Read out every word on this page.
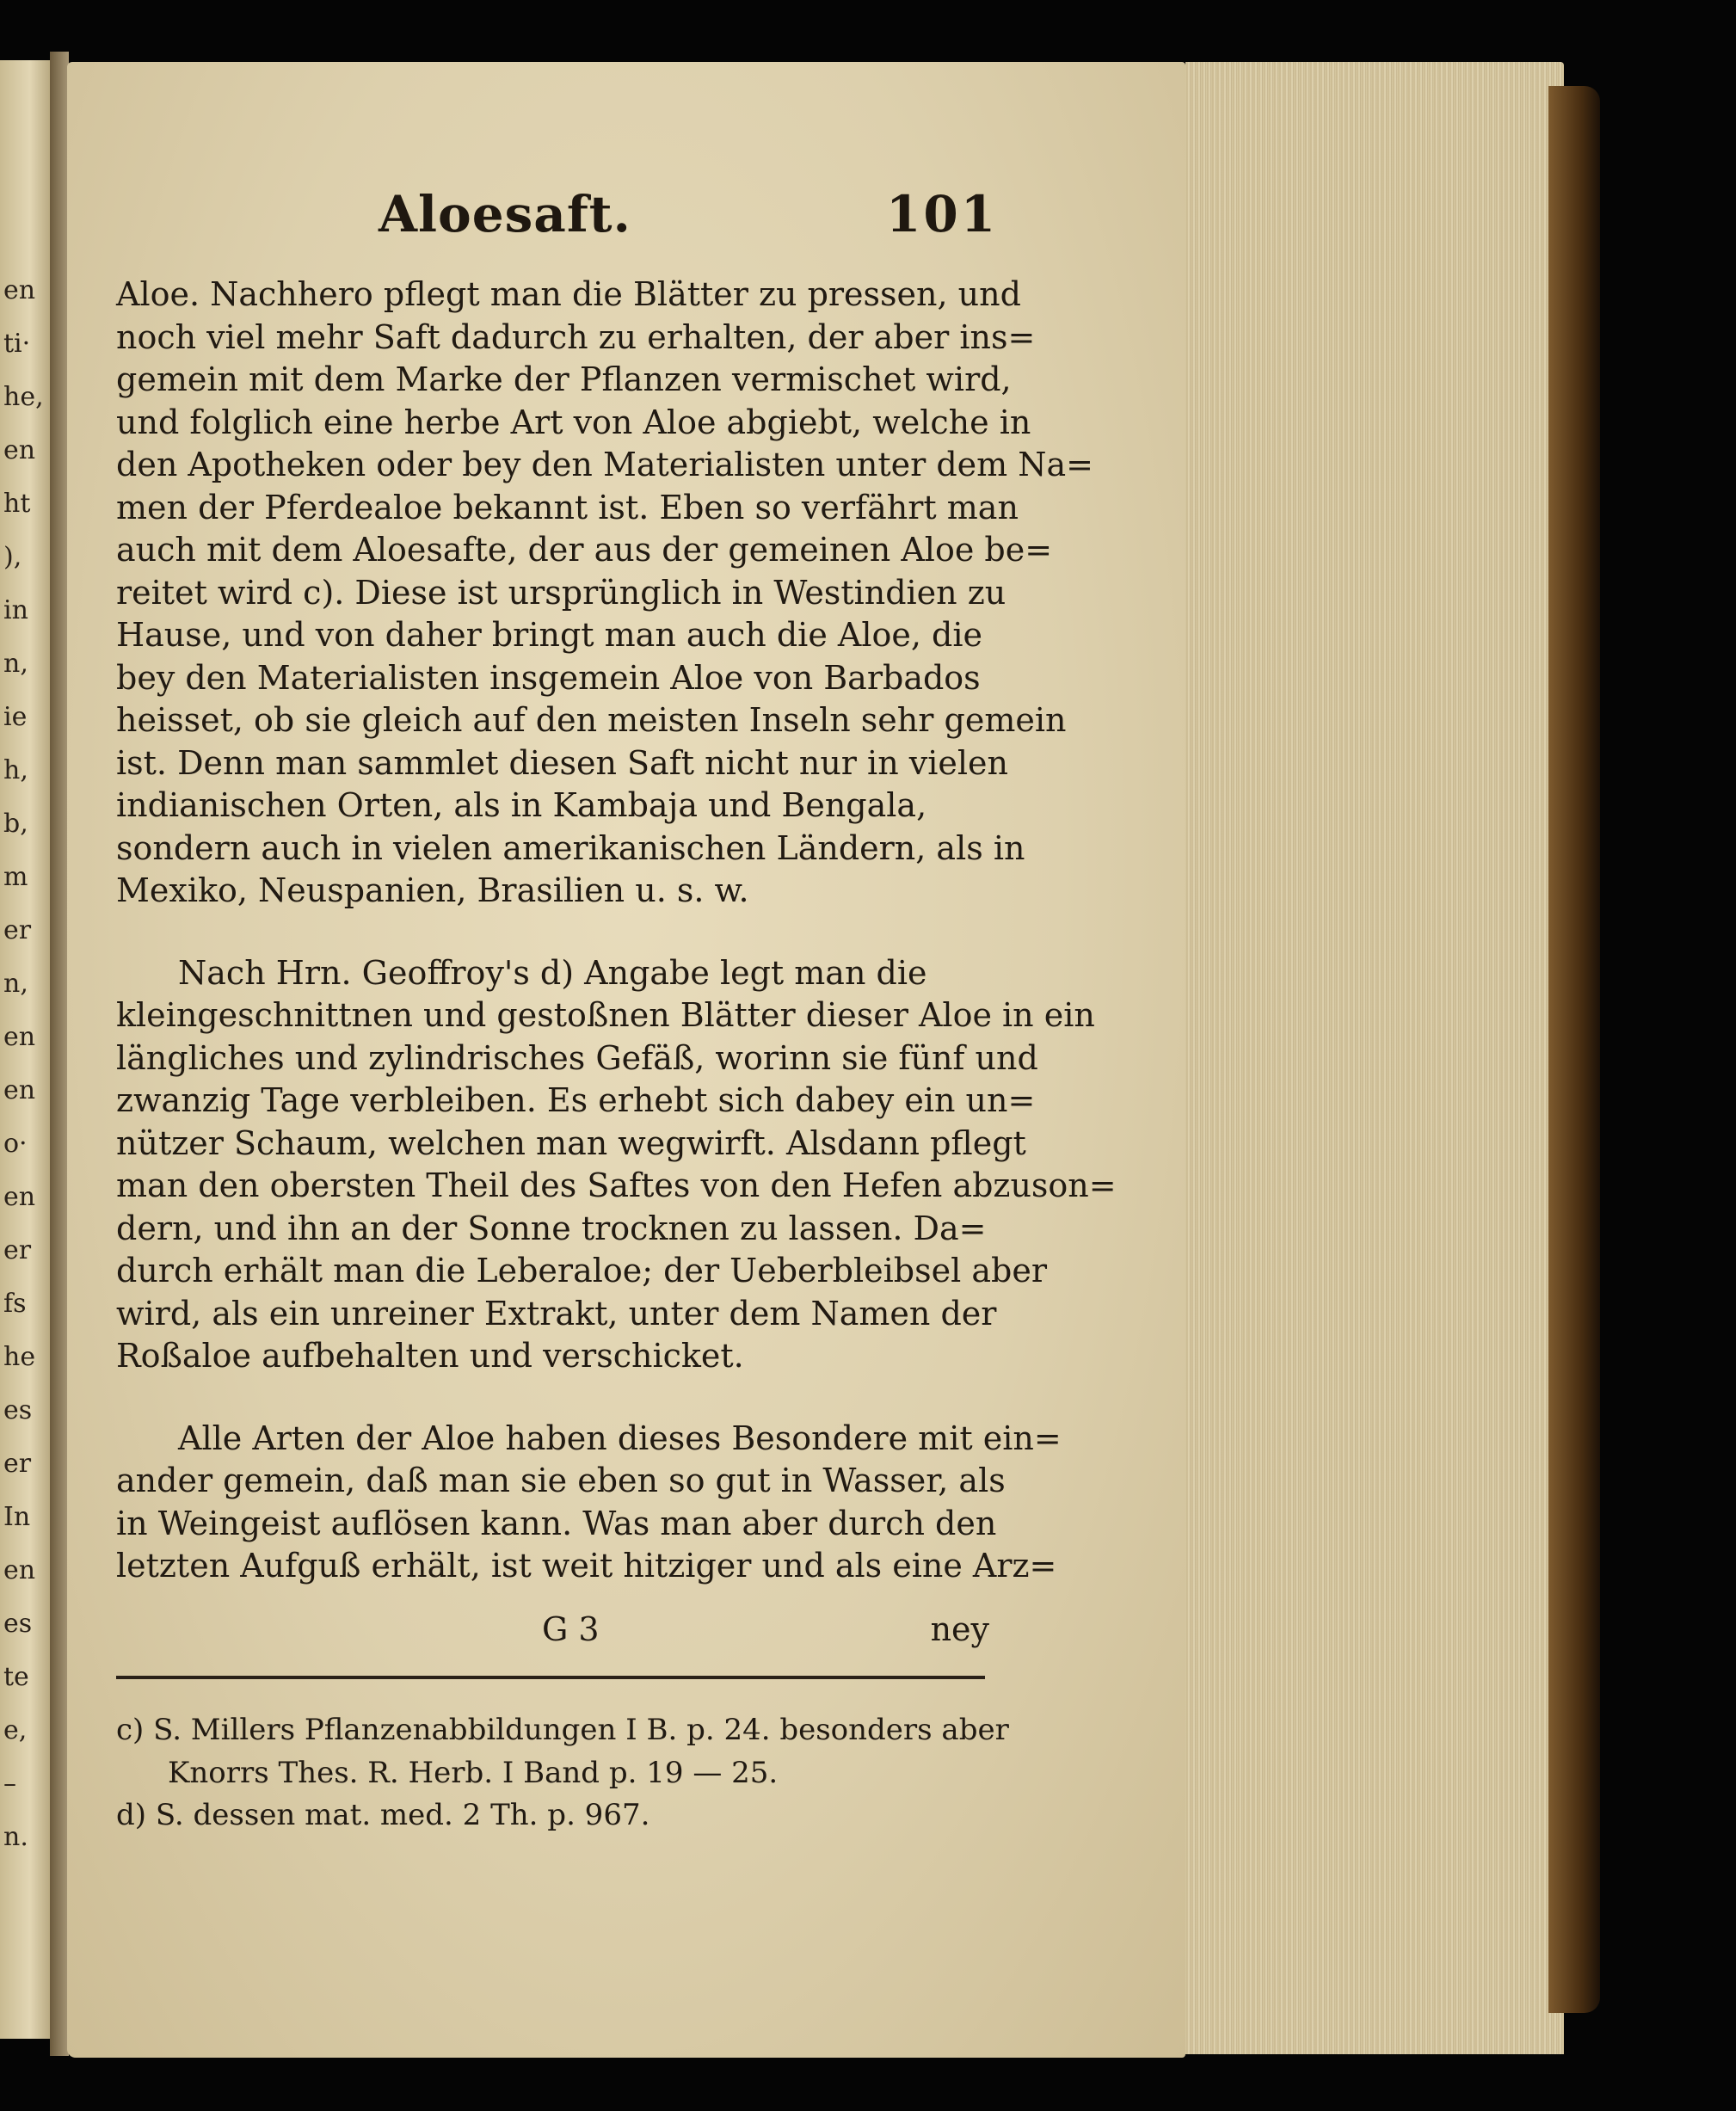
en
ti·
he,
en
ht
),
in
n,
ie
h,
b,
m
er
n,
en
en
o·
en
er
fs
he
es
er
In
en
es
te
e,
–
n.
Aloesaft.	101
Aloe. Nachhero pflegt man die Blätter zu pressen, und
noch viel mehr Saft dadurch zu erhalten, der aber ins=
gemein mit dem Marke der Pflanzen vermischet wird,
und folglich eine herbe Art von Aloe abgiebt, welche in
den Apotheken oder bey den Materialisten unter dem Na=
men der Pferdealoe bekannt ist. Eben so verfährt man
auch mit dem Aloesafte, der aus der gemeinen Aloe be=
reitet wird c). Diese ist ursprünglich in Westindien zu
Hause, und von daher bringt man auch die Aloe, die
bey den Materialisten insgemein Aloe von Barbados
heisset, ob sie gleich auf den meisten Inseln sehr gemein
ist. Denn man sammlet diesen Saft nicht nur in vielen
indianischen Orten, als in Kambaja und Bengala,
sondern auch in vielen amerikanischen Ländern, als in
Mexiko, Neuspanien, Brasilien u. s. w.
Nach Hrn. Geoffroy's d) Angabe legt man die
kleingeschnittnen und gestoßnen Blätter dieser Aloe in ein
längliches und zylindrisches Gefäß, worinn sie fünf und
zwanzig Tage verbleiben. Es erhebt sich dabey ein un=
nützer Schaum, welchen man wegwirft. Alsdann pflegt
man den obersten Theil des Saftes von den Hefen abzuson=
dern, und ihn an der Sonne trocknen zu lassen. Da=
durch erhält man die Leberaloe; der Ueberbleibsel aber
wird, als ein unreiner Extrakt, unter dem Namen der
Roßaloe aufbehalten und verschicket.
Alle Arten der Aloe haben dieses Besondere mit ein=
ander gemein, daß man sie eben so gut in Wasser, als
in Weingeist auflösen kann. Was man aber durch den
letzten Aufguß erhält, ist weit hitziger und als eine Arz=
G 3	ney
c) S. Millers Pflanzenabbildungen I B. p. 24. besonders aber
Knorrs Thes. R. Herb. I Band p. 19 — 25.
d) S. dessen mat. med. 2 Th. p. 967.
